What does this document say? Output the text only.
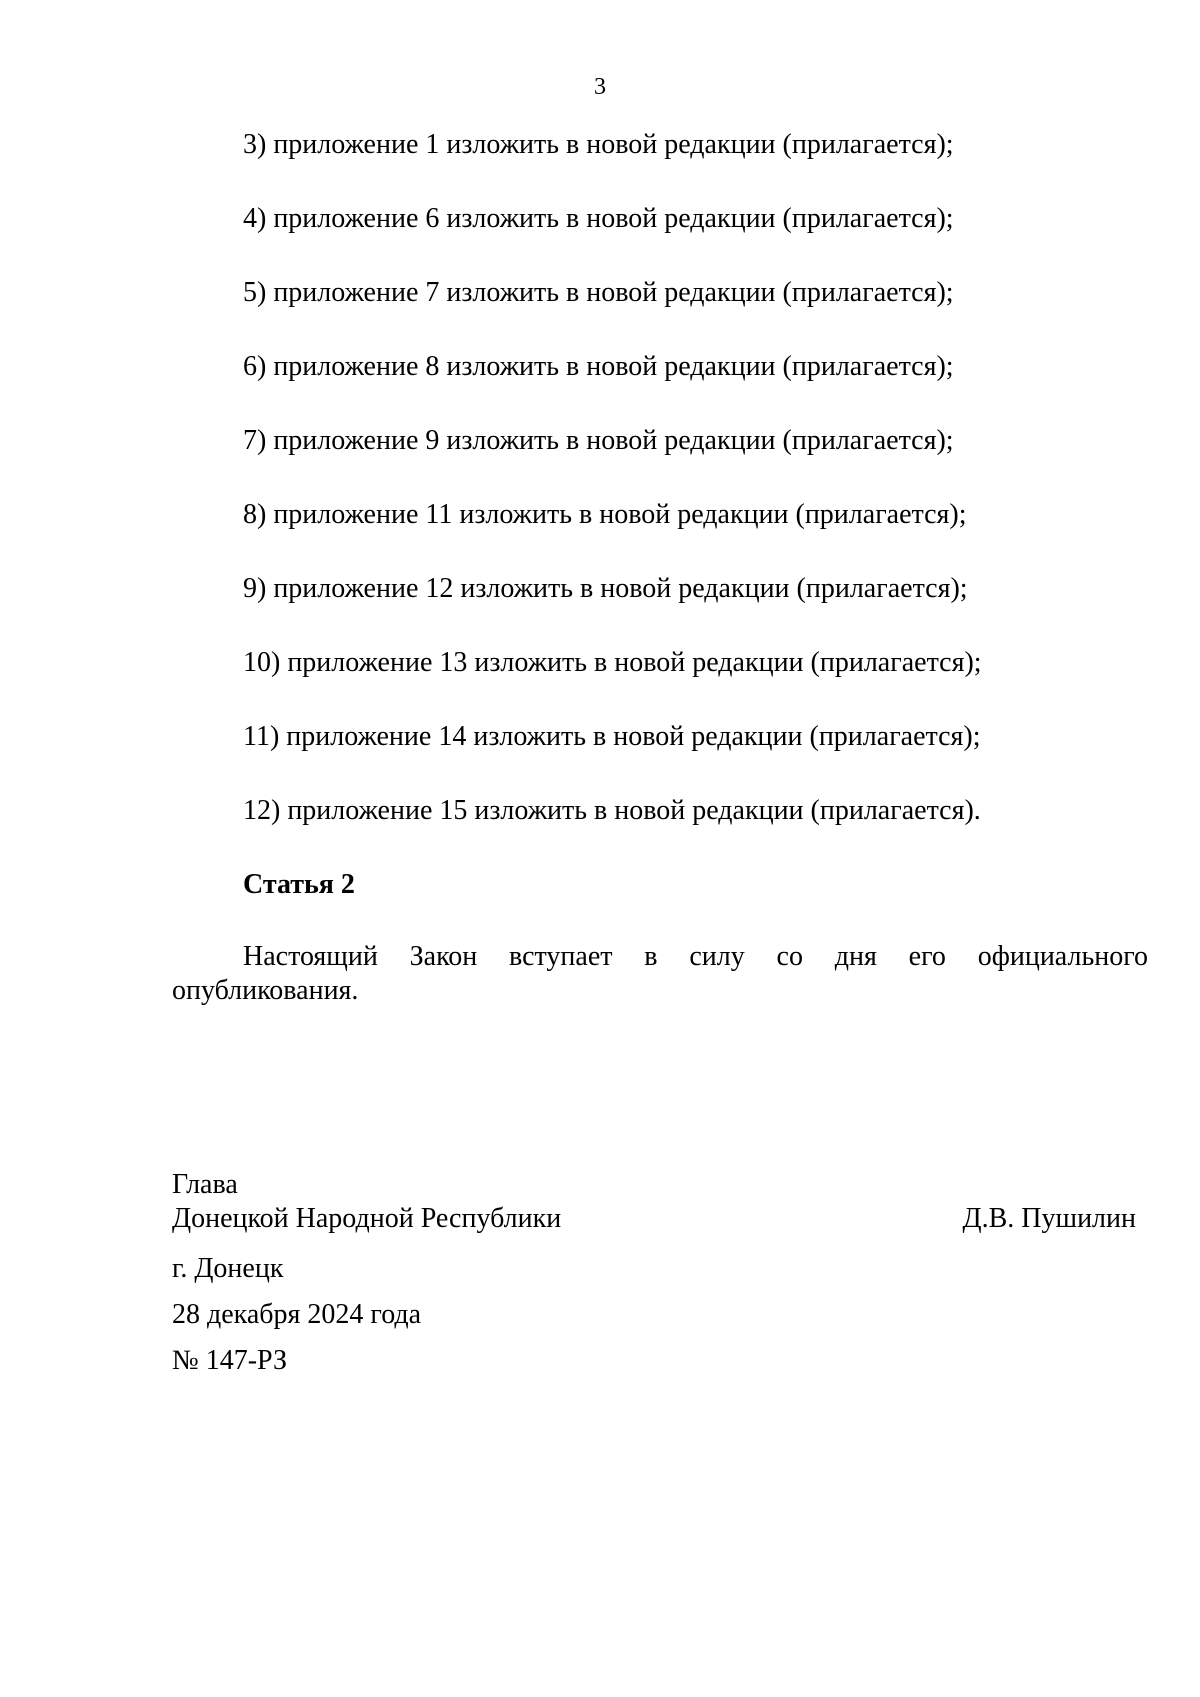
3
3) приложение 1 изложить в новой редакции (прилагается);
4) приложение 6 изложить в новой редакции (прилагается);
5) приложение 7 изложить в новой редакции (прилагается);
6) приложение 8 изложить в новой редакции (прилагается);
7) приложение 9 изложить в новой редакции (прилагается);
8) приложение 11 изложить в новой редакции (прилагается);
9) приложение 12 изложить в новой редакции (прилагается);
10) приложение 13 изложить в новой редакции (прилагается);
11) приложение 14 изложить в новой редакции (прилагается);
12) приложение 15 изложить в новой редакции (прилагается).
Статья 2

Настоящий Закон вступает в силу со дня его официального
опубликования.

Глава
Донецкой Народной Республики	Д.В. Пушилин
г. Донецк
28 декабря 2024 года
№ 147-РЗ
